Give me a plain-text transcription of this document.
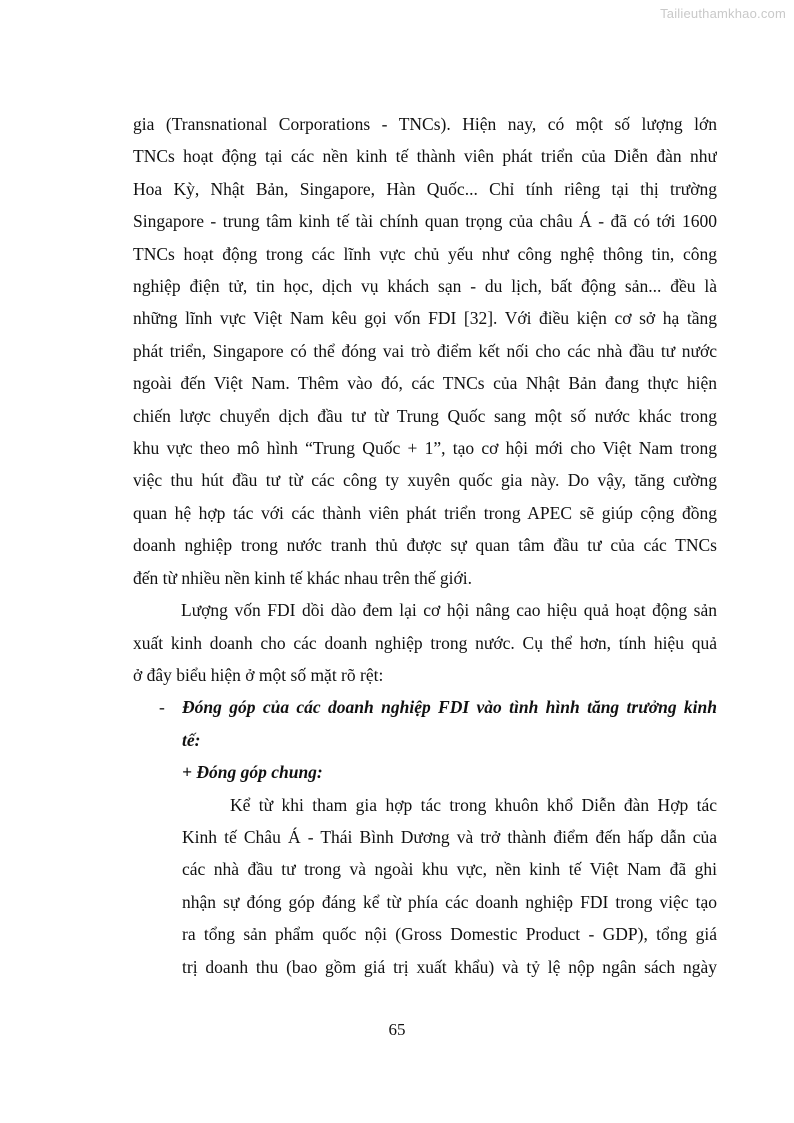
Tailieuthamkhao.com
gia (Transnational Corporations - TNCs). Hiện nay, có một số lượng lớn
TNCs hoạt động tại các nền kinh tế thành viên phát triển của Diễn đàn như
Hoa Kỳ, Nhật Bản, Singapore, Hàn Quốc... Chỉ tính riêng tại thị trường
Singapore - trung tâm kinh tế tài chính quan trọng của châu Á - đã có tới 1600
TNCs hoạt động trong các lĩnh vực chủ yếu như công nghệ thông tin, công
nghiệp điện tử, tin học, dịch vụ khách sạn - du lịch, bất động sản... đều là
những lĩnh vực Việt Nam kêu gọi vốn FDI [32]. Với điều kiện cơ sở hạ tầng
phát triển, Singapore có thể đóng vai trò điểm kết nối cho các nhà đầu tư nước
ngoài đến Việt Nam. Thêm vào đó, các TNCs của Nhật Bản đang thực hiện
chiến lược chuyển dịch đầu tư từ Trung Quốc sang một số nước khác trong
khu vực theo mô hình “Trung Quốc + 1”, tạo cơ hội mới cho Việt Nam trong
việc thu hút đầu tư từ các công ty xuyên quốc gia này. Do vậy, tăng cường
quan hệ hợp tác với các thành viên phát triển trong APEC sẽ giúp cộng đồng
doanh nghiệp trong nước tranh thủ được sự quan tâm đầu tư của các TNCs
đến từ nhiều nền kinh tế khác nhau trên thế giới.
Lượng vốn FDI dồi dào đem lại cơ hội nâng cao hiệu quả hoạt động sản
xuất kinh doanh cho các doanh nghiệp trong nước. Cụ thể hơn, tính hiệu quả
ở đây biểu hiện ở một số mặt rõ rệt:
- Đóng góp của các doanh nghiệp FDI vào tình hình tăng trưởng kinh
tế:
+ Đóng góp chung:
Kể từ khi tham gia hợp tác trong khuôn khổ Diễn đàn Hợp tác
Kinh tế Châu Á - Thái Bình Dương và trở thành điểm đến hấp dẫn của
các nhà đầu tư trong và ngoài khu vực, nền kinh tế Việt Nam đã ghi
nhận sự đóng góp đáng kể từ phía các doanh nghiệp FDI trong việc tạo
ra tổng sản phẩm quốc nội (Gross Domestic Product - GDP), tổng giá
trị doanh thu (bao gồm giá trị xuất khẩu) và tỷ lệ nộp ngân sách ngày
65
